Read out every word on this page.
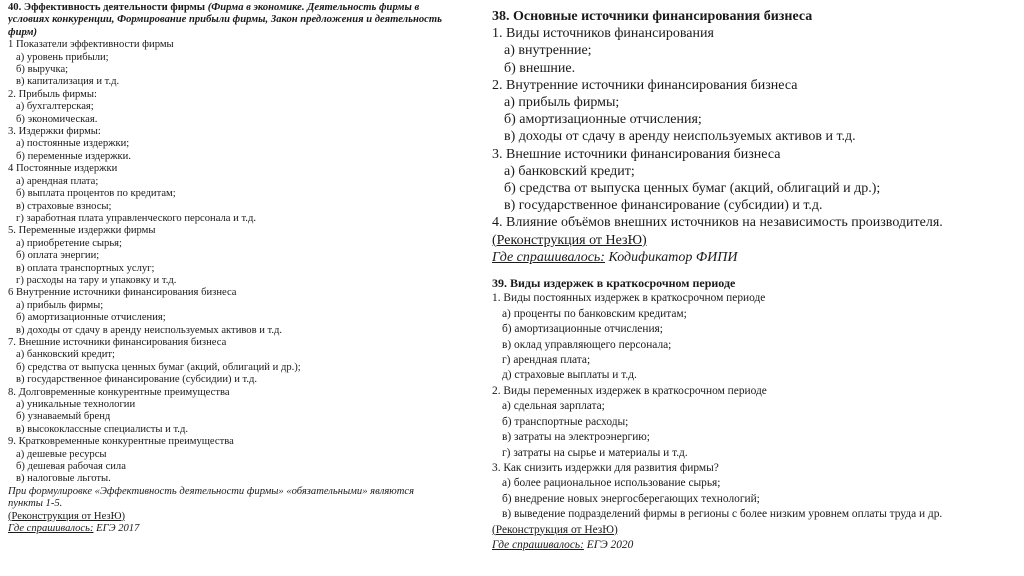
40. Эффективность деятельности фирмы (Фирма в экономике. Деятельность фирмы в
условиях конкуренции, Формирование прибыли фирмы, Закон предложения и деятельность
фирм)
1 Показатели эффективности фирмы
а) уровень прибыли;
б) выручка;
в) капитализация и т.д.
2. Прибыль фирмы:
а) бухгалтерская;
б) экономическая.
3. Издержки фирмы:
а) постоянные издержки;
б) переменные издержки.
4 Постоянные издержки
а) арендная плата;
б) выплата процентов по кредитам;
в) страховые взносы;
г) заработная плата управленческого персонала и т.д.
5. Переменные издержки фирмы
а) приобретение сырья;
б) оплата энергии;
в) оплата транспортных услуг;
г) расходы на тару и упаковку и т.д.
6 Внутренние источники финансирования бизнеса
а) прибыль фирмы;
б) амортизационные отчисления;
в) доходы от сдачу в аренду неиспользуемых активов и т.д.
7. Внешние источники финансирования бизнеса
а) банковский кредит;
б) средства от выпуска ценных бумаг (акций, облигаций и др.);
в) государственное финансирование (субсидии) и т.д.
8. Долговременные конкурентные преимущества
а) уникальные технологии
б) узнаваемый бренд
в) высококлассные специалисты и т.д.
9. Кратковременные конкурентные преимущества
а) дешевые ресурсы
б) дешевая рабочая сила
в) налоговые льготы.
При формулировке «Эффективность деятельности фирмы» «обязательными» являются
пункты 1-5.
(Реконструкция от НезЮ)
Где спрашивалось: ЕГЭ 2017
38. Основные источники финансирования бизнеса
1. Виды источников финансирования
а) внутренние;
б) внешние.
2. Внутренние источники финансирования бизнеса
а) прибыль фирмы;
б) амортизационные отчисления;
в) доходы от сдачу в аренду неиспользуемых активов и т.д.
3. Внешние источники финансирования бизнеса
а) банковский кредит;
б) средства от выпуска ценных бумаг (акций, облигаций и др.);
в) государственное финансирование (субсидии) и т.д.
4. Влияние объёмов внешних источников на независимость производителя.
(Реконструкция от НезЮ)
Где спрашивалось: Кодификатор ФИПИ
39. Виды издержек в краткосрочном периоде
1. Виды постоянных издержек в краткосрочном периоде
а) проценты по банковским кредитам;
б) амортизационные отчисления;
в) оклад управляющего персонала;
г) арендная плата;
д) страховые выплаты и т.д.
2. Виды переменных издержек в краткосрочном периоде
а) сдельная зарплата;
б) транспортные расходы;
в) затраты на электроэнергию;
г) затраты на сырье и материалы и т.д.
3. Как снизить издержки для развития фирмы?
а) более рациональное использование сырья;
б) внедрение новых энергосберегающих технологий;
в) выведение подразделений фирмы в регионы с более низким уровнем оплаты труда и др.
(Реконструкция от НезЮ)
Где спрашивалось: ЕГЭ 2020
